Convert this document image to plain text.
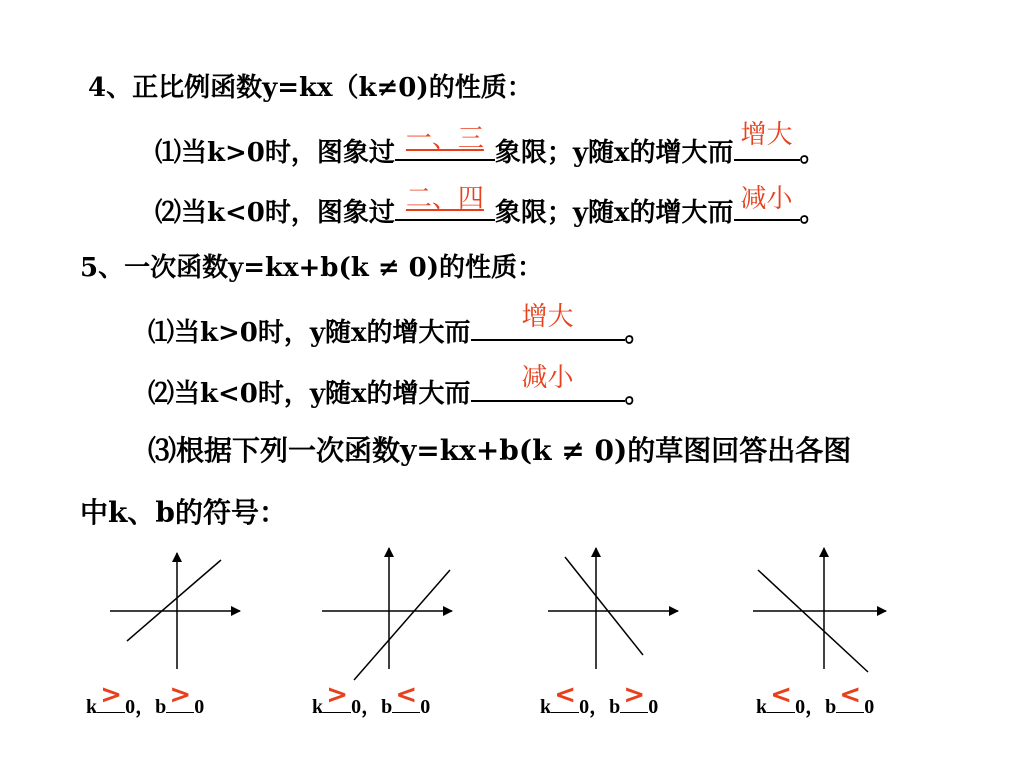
4、正比例函数y=kx（k≠0)的性质：
⑴当k>0时，图象过 一、三 象限；y随x的增大而
增大
。
⑵当k<0时，图象过 二、四 象限；y随x的增大而 减小 。
5、一次函数y=kx+b(k ≠ 0)的性质：
⑴当k>0时，y随x的增大而
增大
。
⑵当k<0时，y随x的增大而
减小
。
⑶根据下列一次函数y=kx+b(k ≠ 0)的草图回答出各图
中k、b的符号：
k > 0，b > 0	k > 0，b < 0	k < 0，b > 0	k < 0，b < 0
